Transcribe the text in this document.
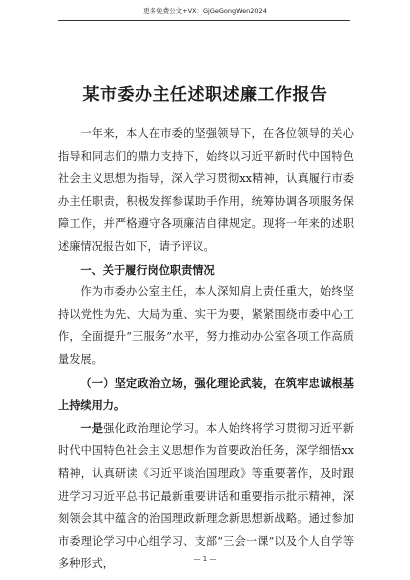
更多免费公文+VX：GjGeGongWen2024
某市委办主任述职述廉工作报告

一年来，本人在市委的坚强领导下，在各位领导的关心指导和同志们的鼎力支持下，始终以习近平新时代中国特色社会主义思想为指导，深入学习贯彻xx精神，认真履行市委办主任职责，积极发挥参谋助手作用，统筹协调各项服务保障工作，并严格遵守各项廉洁自律规定。现将一年来的述职述廉情况报告如下，请予评议。

一、关于履行岗位职责情况

作为市委办公室主任，本人深知肩上责任重大，始终坚持以党性为先、大局为重、实干为要，紧紧围绕市委中心工作，全面提升“三服务”水平，努力推动办公室各项工作高质量发展。

（一）坚定政治立场，强化理论武装，在筑牢忠诚根基上持续用力。

一是强化政治理论学习。本人始终将学习贯彻习近平新时代中国特色社会主义思想作为首要政治任务，深学细悟xx精神，认真研读《习近平谈治国理政》等重要著作，及时跟进学习习近平总书记最新重要讲话和重要指示批示精神，深刻领会其中蕴含的治国理政新理念新思想新战略。通过参加市委理论学习中心组学习、支部“三会一课”以及个人自学等多种形式，	— 1 —
